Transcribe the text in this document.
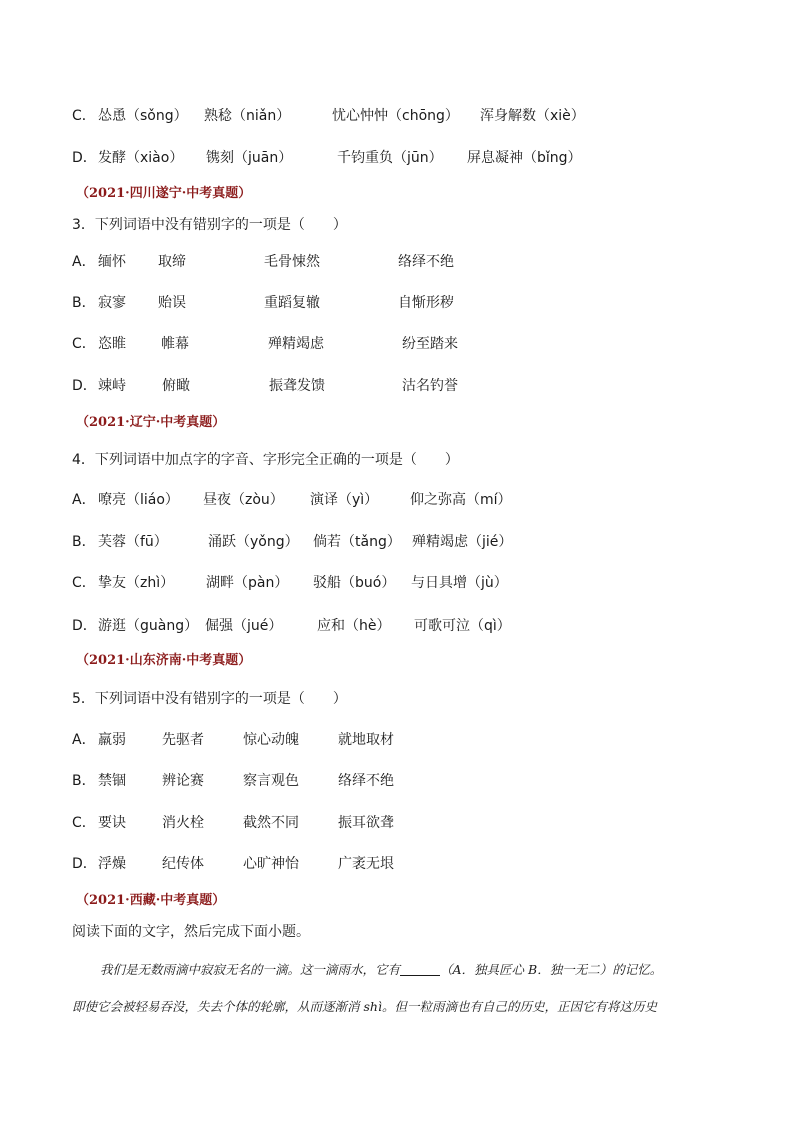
C． 怂恿（sǒng） 熟稔（niǎn）	忧心忡忡（chōng） 浑身解数（xiè）
D． 发酵（xiào） 镌刻（juān）	千钧重负（jūn） 屏息凝神（bǐng）
（2021·四川遂宁·中考真题）
3．下列词语中没有错别字的一项是（　　）
A． 缅怀 取缔	毛骨悚然	络绎不绝
B． 寂寥 贻误	重蹈复辙	自惭形秽
C． 恣睢	帷幕	殚精竭虑	纷至踏来
D． 竦峙	俯瞰	振聋发馈	沽名钓誉
（2021·辽宁·中考真题）
4．下列词语中加点字的字音、字形完全正确的一项是（　　）
A． 嘹亮（liáo） 昼夜（zòu） 演译（yì） 仰之弥高（mí）
B． 芙蓉（fū）	涌跃（yǒng） 倘若（tǎng） 殚精竭虑（jié）
C． 挚友（zhì） 湖畔（pàn） 驳船（buó） 与日具增（jù）
D． 游逛（guàng） 倔强（jué） 应和（hè） 可歌可泣（qì）
（2021·山东济南·中考真题）
5．下列词语中没有错别字的一项是（　　）
A． 羸弱	先驱者	惊心动魄	就地取材
B． 禁锢	辨论赛	察言观色	络绎不绝
C． 要诀	消火栓	截然不同	振耳欲聋
D． 浮燥	纪传体	心旷神怡	广袤无垠
（2021·西藏·中考真题）
阅读下面的文字，然后完成下面小题。
我们是无数雨滴中寂寂无名的一滴。这一滴雨水，它有	（A．独具匠心 B．独一无二）的记忆。
即使它会被轻易吞没，失去个体的轮廓，从而逐渐消 shì。但一粒雨滴也有自己的历史，正因它有将这历史
